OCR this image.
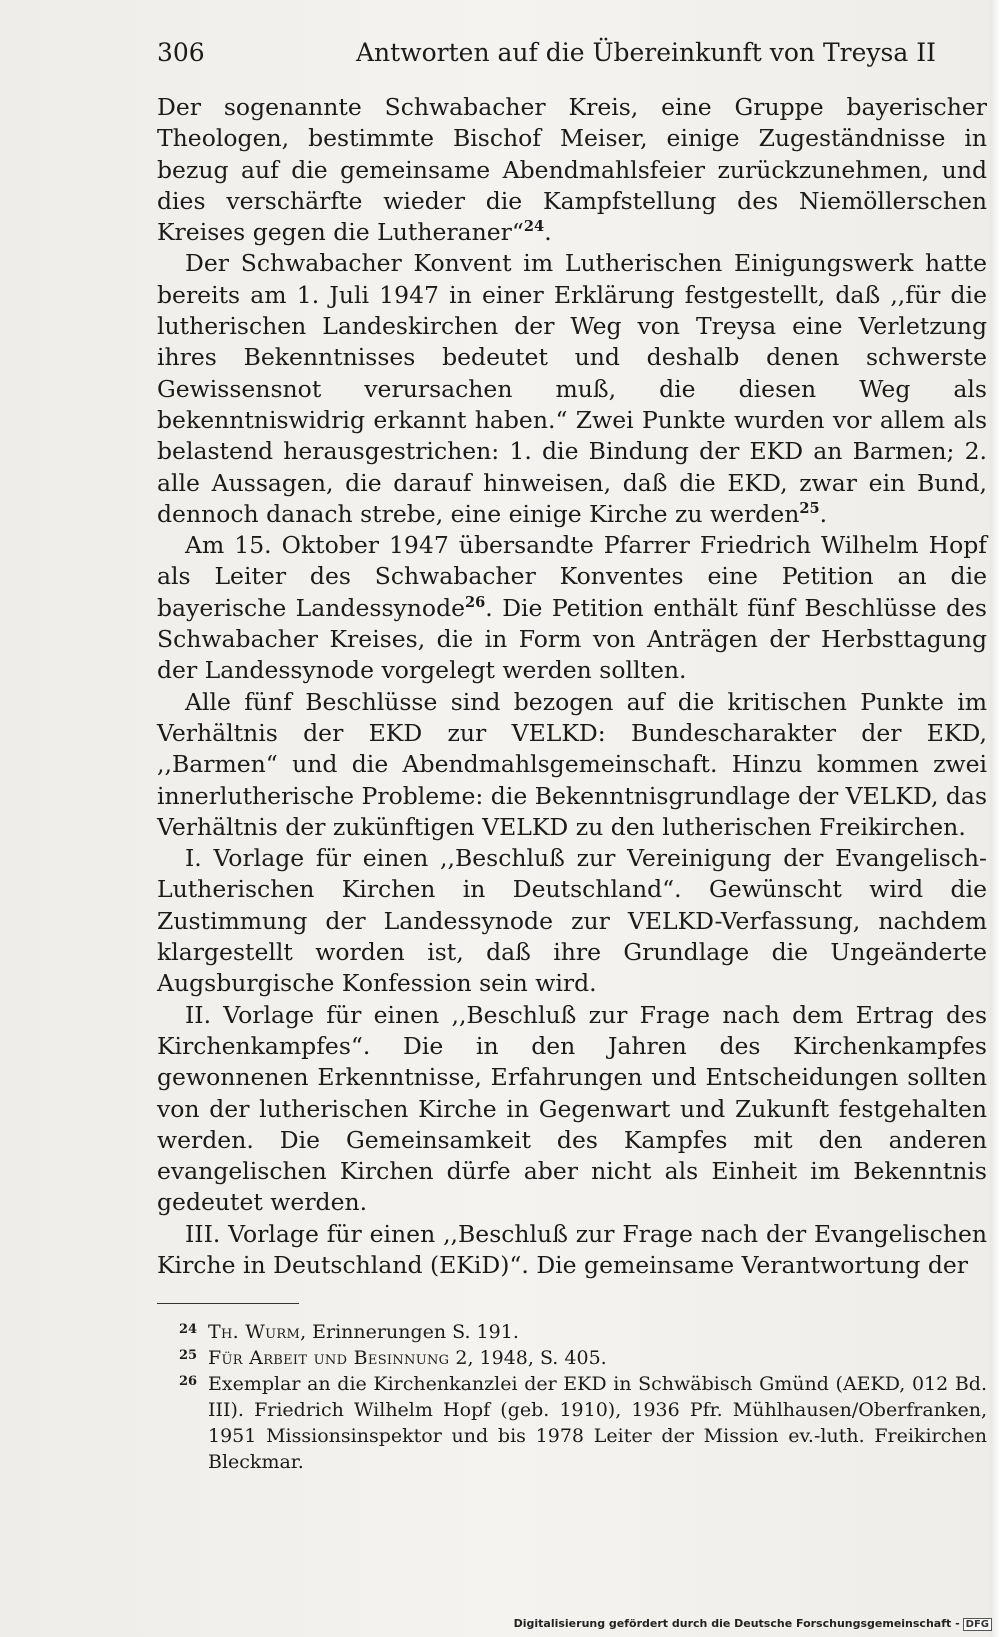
306	Antworten auf die Übereinkunft von Treysa II

Der sogenannte Schwabacher Kreis, eine Gruppe bayerischer Theologen, bestimmte Bischof Meiser, einige Zugeständnisse in bezug auf die gemeinsame Abendmahlsfeier zurückzunehmen, und dies verschärfte wieder die Kampfstellung des Niemöllerschen Kreises gegen die Lutheraner“$^{24}$.

Der Schwabacher Konvent im Lutherischen Einigungswerk hatte bereits am 1. Juli 1947 in einer Erklärung festgestellt, daß ,,für die lutherischen Landeskirchen der Weg von Treysa eine Verletzung ihres Bekenntnisses bedeutet und deshalb denen schwerste Gewissensnot verursachen muß, die diesen Weg als bekenntniswidrig erkannt haben.“ Zwei Punkte wurden vor allem als belastend herausgestrichen: 1. die Bindung der EKD an Barmen; 2. alle Aussagen, die darauf hinweisen, daß die EKD, zwar ein Bund, dennoch danach strebe, eine einige Kirche zu werden$^{25}$.

Am 15. Oktober 1947 übersandte Pfarrer Friedrich Wilhelm Hopf als Leiter des Schwabacher Konventes eine Petition an die bayerische Landessynode$^{26}$. Die Petition enthält fünf Beschlüsse des Schwabacher Kreises, die in Form von Anträgen der Herbsttagung der Landessynode vorgelegt werden sollten.

Alle fünf Beschlüsse sind bezogen auf die kritischen Punkte im Verhältnis der EKD zur VELKD: Bundescharakter der EKD, ,,Barmen“ und die Abendmahlsgemeinschaft. Hinzu kommen zwei innerlutherische Probleme: die Bekenntnisgrundlage der VELKD, das Verhältnis der zukünftigen VELKD zu den lutherischen Freikirchen.

I. Vorlage für einen ,,Beschluß zur Vereinigung der Evangelisch-Lutherischen Kirchen in Deutschland“. Gewünscht wird die Zustimmung der Landessynode zur VELKD-Verfassung, nachdem klargestellt worden ist, daß ihre Grundlage die Ungeänderte Augsburgische Konfession sein wird.

II. Vorlage für einen ,,Beschluß zur Frage nach dem Ertrag des Kirchenkampfes“. Die in den Jahren des Kirchenkampfes gewonnenen Erkenntnisse, Erfahrungen und Entscheidungen sollten von der lutherischen Kirche in Gegenwart und Zukunft festgehalten werden. Die Gemeinsamkeit des Kampfes mit den anderen evangelischen Kirchen dürfe aber nicht als Einheit im Bekenntnis gedeutet werden.

III. Vorlage für einen ,,Beschluß zur Frage nach der Evangelischen Kirche in Deutschland (EKiD)“. Die gemeinsame Verantwortung der

24 Th. Wurm, Erinnerungen S. 191.
25 Für Arbeit und Besinnung 2, 1948, S. 405.
26 Exemplar an die Kirchenkanzlei der EKD in Schwäbisch Gmünd (AEKD, 012 Bd. III). Friedrich Wilhelm Hopf (geb. 1910), 1936 Pfr. Mühlhausen/Oberfranken, 1951 Missionsinspektor und bis 1978 Leiter der Mission ev.-luth. Freikirchen Bleckmar.
Digitalisierung gefördert durch die Deutsche Forschungsgemeinschaft - DFG
